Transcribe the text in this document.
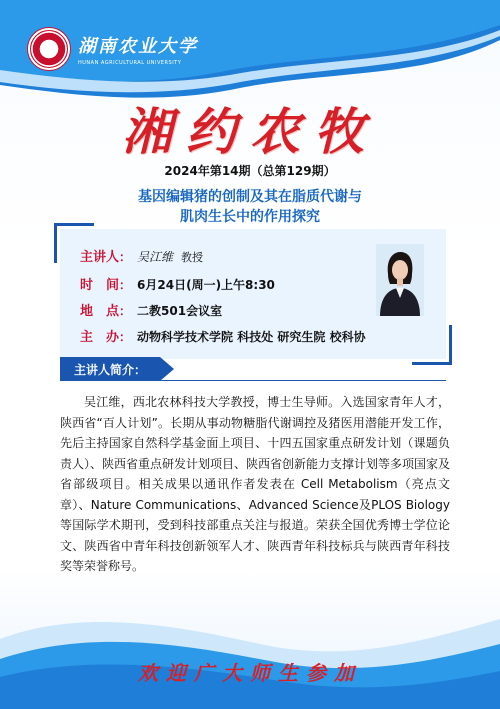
湖南农业大学
HUNAN AGRICULTURAL UNIVERSITY
湘约农牧
2024年第14期（总第129期）
基因编辑猪的创制及其在脂质代谢与
肌肉生长中的作用探究
主讲人 ： 吴江维 教授
时　间 ： 6月24日(周一)上午8:30
地　点 ： 二教501会议室
主　办 ： 动物科学技术学院 科技处 研究生院 校科协
主讲人简介：
吴江维，西北农林科技大学教授，博士生导师。入选国家青年人才，陕西省“百人计划”。长期从事动物糖脂代谢调控及猪医用潜能开发工作，先后主持国家自然科学基金面上项目、十四五国家重点研发计划（课题负责人）、陕西省重点研发计划项目、陕西省创新能力支撑计划等多项国家及省部级项目。相关成果以通讯作者发表在 Cell Metabolism（亮点文章）、Nature Communications、Advanced Science及PLOS Biology等国际学术期刊，受到科技部重点关注与报道。荣获全国优秀博士学位论文、陕西省中青年科技创新领军人才、陕西青年科技标兵与陕西青年科技奖等荣誉称号。
欢迎广大师生参加
